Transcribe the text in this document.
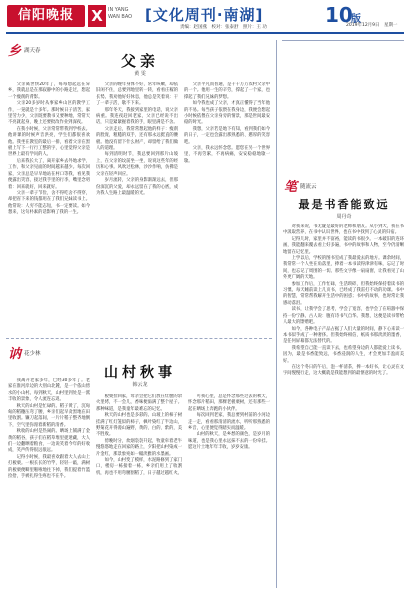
信阳晚报	X	IN YANG
WAN BAO [文化周刊·南湖]
责编：赵国燕　校对：张泰舒　照片：王 功
10
版
2019年12月9日　星期一
乡 湖天春
父亲
黄 雯

父亲离世快20年了，每每想起远在异乡，我就总是在那寂静中的小路走过，想起一个瘦削的背影。

父亲20多岁时从事家乡山区的教学工作，一晃就是十多年。那时候日子清苦，家里劳力少，父亲既要教书又要种地，常常天不亮就起身，晚上还要批改作业到深夜。

在我小时候，父亲常常带我到学校去。他讲课的时候声音洪亮，学生们都很喜欢他。我坐在教室的最后一排，看着父亲在黑板上写下一行行工整的字，心里觉得父亲是世界上最有学问的人。

后来我长大了，离开家乡去外地求学、工作，和父亲见面的时间越来越少。每次回家，父亲总是早早地站在村口等我，看见我便露出笑容，接过我手里的行李，嘴里念叨着：回来就好，回来就好。

父亲一辈子节俭，舍不得吃舍不得穿，却把省下来的钱都用在了我们兄妹读书上。他常说：人穷不能志短，书一定要读。如今想来，这句朴素的话影响了我的一生。

父亲的晚年身体不好，常年咳嗽，却依旧闲不住，总要到地里转一转，看看庄稼的长势。我劝他好好休息，他总是笑着说：干了一辈子活，歇不下来。

那年冬天，我接到家里的电话，说父亲病重。我连夜赶回老家，父亲已经说不出话，只是紧紧握着我的手，眼里满是不舍。

父亲走后，我常常想起他的样子：瘦削的脸庞，粗糙的双手，还有那永远挺直的腰板。他没有留下什么财产，却留给了我们做人的道理。

每到清明时节，我总要回到那片山坡上，在父亲的坟前坐一坐，说说这些年的经历和心事。风吹过松林，沙沙作响，仿佛是父亲在轻声回应。

岁月流转，父亲的身影渐渐远去，但那份深沉的父爱，却永远留在了我的心底，成为我人生路上最温暖的光。

父亲平凡而普通，是千千万万农村父亲中的一个。他用一生的辛劳，撑起了一个家，也撑起了我们兄妹的梦想。

如今我也成了父亲，才真正懂得了当年他的不易。每当孩子依偎在我身边，我便会想起小时候依偎在父亲身旁的情景，那是世间最安稳的时光。

我想，父亲若是地下有知，看到我们如今的日子，一定也会露出那熟悉的、憨厚的笑容吧。

父亲，我永远怀念您。愿您在另一个世界里，不再劳累，不再病痛，安安稳稳地歇一歇。

讷 花少林
山村秋事
韩云龙

我离开老家多年，已经30多年了。老家在淮河岸边的大别山北麓，是一个依山傍水的小山村。每到秋天，山村里到处是一派丰收的景象，令人流连忘返。

秋天的山村是忙碌的。稻子黄了，沉甸甸的稻穗压弯了腰，乡亲们起早贪黑地在田里收割。镰刀起落间，一片片稻子整齐地倒下，空气里弥漫着新稻的清香。

秋收的山村是热闹的。晒场上铺满了金黄的稻谷，孩子们在稻草堆里捉迷藏，大人们一边翻晒着粮食，一边说笑着今年的好收成，笑声传得很远很远。

记得小时候，我最喜欢跟着大人去山上打板栗。一根长长的竹竿，轻轻一敲，满树的板栗便噼里啪啦地往下掉，我们提着竹篮捡拾，手被扎得生疼也不在乎。

板栗捡回家，母亲会把它们放在灶膛的余火里烤，不一会儿，香味便溢满了整个屋子。那种味道，是我童年最难忘的记忆。

秋天的山村也是多彩的。山坡上的柿子树挂满了红灯笼似的柿子，枫叶染红了半边山，野菊花开得漫山遍野，黄的、白的、紫的，美不胜收。

傍晚时分，炊烟袅袅升起，牧童牵着老牛慢悠悠地走在回家的路上，夕阳把山村染成一片金红，那景象宛如一幅淡雅的水墨画。

如今，山村变了模样，水泥路修到了家门口，楼房一栋接着一栋，乡亲们用上了收割机，再也不用弯腰割稻了，日子越过越红火。

可我心里，总是怀念那些过去的秋天，怀念那片稻田，那棵老板栗树，还有那些一起在晒场上奔跑的小伙伴。

每次回到老家，我总要到村前的小河边走一走，看看那清清的流水，听听那熟悉的乡音，心里便觉得踏实而温暖。

山村的秋天，是乡愁的颜色，是岁月的味道，也是我心里永远抹不去的一份牵挂。愿这片土地年年丰收，岁岁安康。

笔 随流云
最是书香能致远
周丹奇

对我来说，书无疑是最好的老师和朋友。从小到大，我在书中汲取营养，在书中认识世界，也在书中找到了心灵的归宿。

记得儿时，家里并不富裕，能读的书很少。一本破旧的连环画，我能翻来覆去看上好多遍，书中的故事和人物，至今仍清晰地留在记忆里。

上学以后，学校的图书室成了我最爱去的地方。课余时间，我常常一个人坐在角落里，捧着一本书读得津津有味，忘记了时间，也忘记了周围的一切。那些文字像一扇扇窗，让我看见了山外更广阔的天地。

参加工作后，工作忙碌，生活琐碎，但我始终保持着读书的习惯。每天睡前读上几页书，已经成了我雷打不动的功课。书中的智慧，常常帮我解开生活中的困惑；书中的故事，也时常让我感动落泪。

读书，让我学会了思考，学会了宽容，也学会了在喧嚣中保持一份宁静。古人说：腹有诗书气自华。我想，这便是读书带给人最大的馈赠吧。

如今，各种电子产品占据了人们大量的时间，静下心来读一本书似乎成了一种奢侈。但我始终相信，纸质书那淡淡的墨香，是任何屏幕都无法替代的。

我希望自己能一直读下去，也希望身边的人都能爱上读书。因为，最是书香能致远，书香浸润的人生，才会更加丰盈而美好。

在这个冬日的午后，泡一杯清茶，捧一本好书，让心灵在文字间慢慢行走，这大概就是我能想到的最惬意的时光了。
